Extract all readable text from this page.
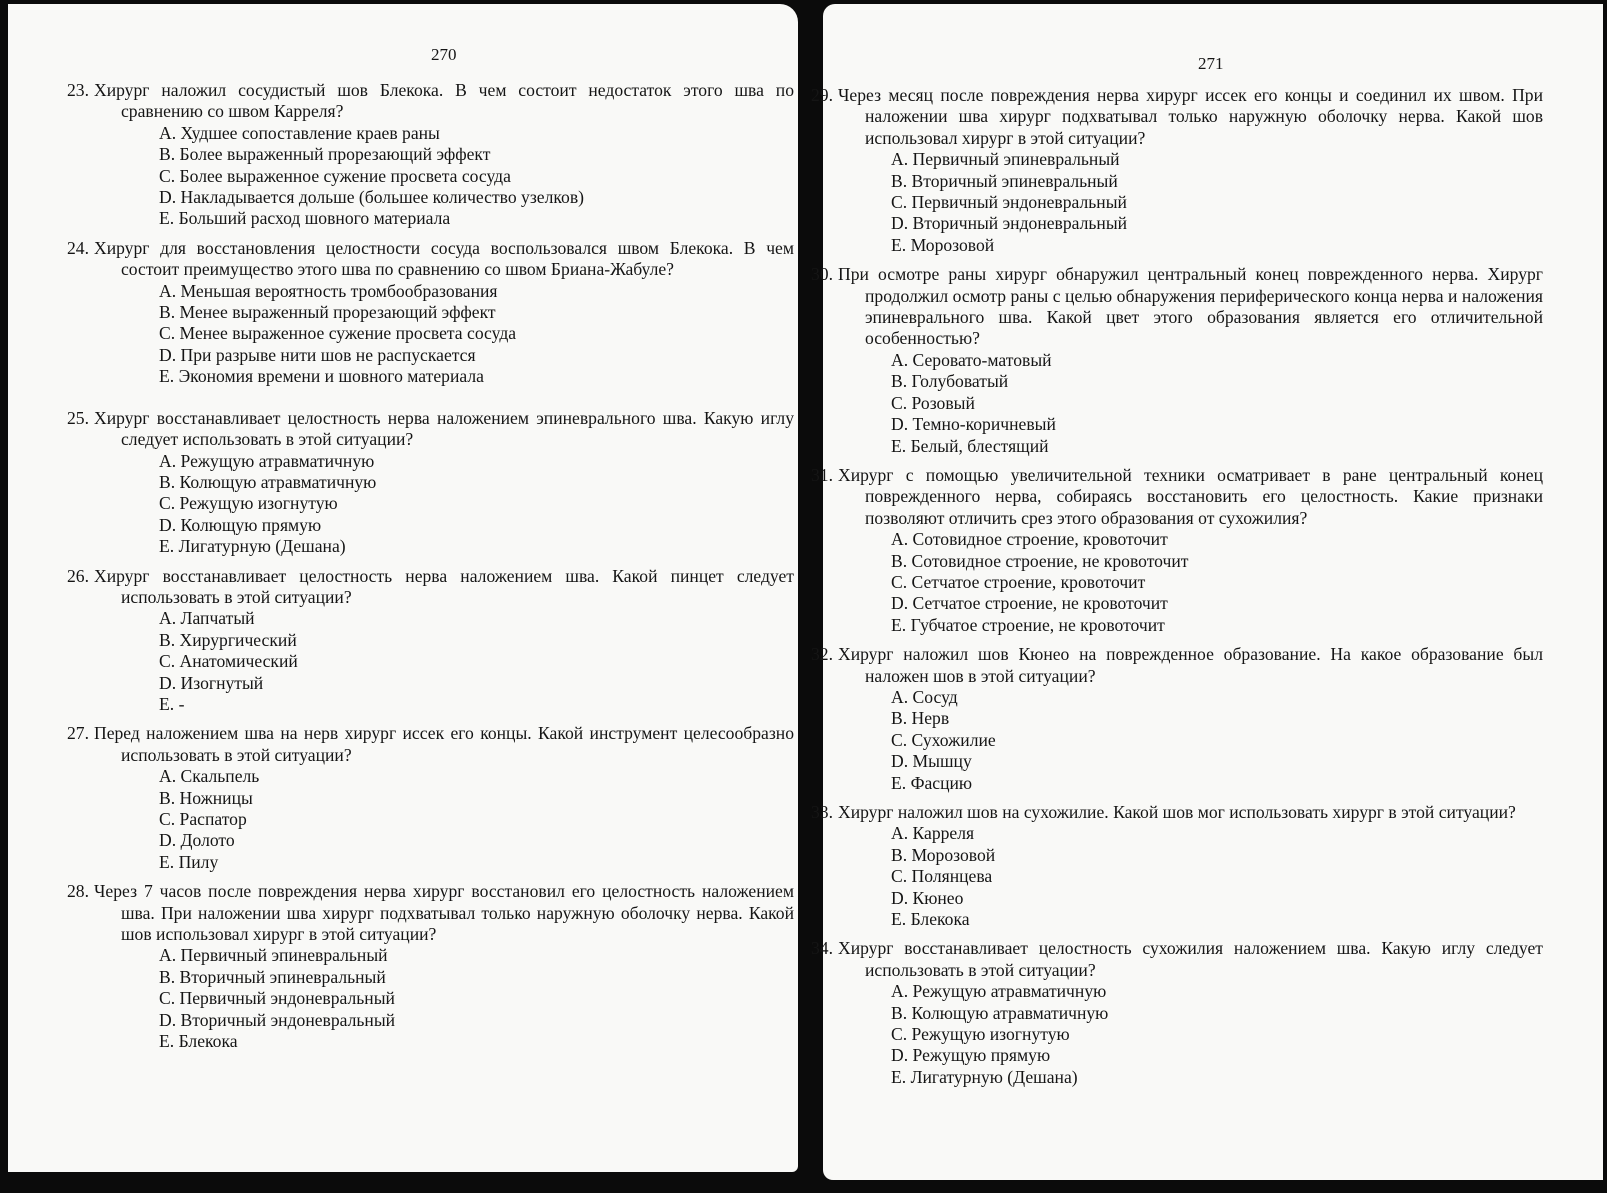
270

23. Хирург наложил сосудистый шов Блекока. В чем состоит недостаток этого шва по сравнению со швом Карреля?

A. Худшее сопоставление краев раны
B. Более выраженный прорезающий эффект
C. Более выраженное сужение просвета сосуда
D. Накладывается дольше (большее количество узелков)
E. Больший расход шовного материала

24. Хирург для восстановления целостности сосуда воспользовался швом Блекока. В чем состоит преимущество этого шва по сравнению со швом Бриана-Жабуле?

A. Меньшая вероятность тромбообразования
B. Менее выраженный прорезающий эффект
C. Менее выраженное сужение просвета сосуда
D. При разрыве нити шов не распускается
E. Экономия времени и шовного материала

25. Хирург восстанавливает целостность нерва наложением эпиневрального шва. Какую иглу следует использовать в этой ситуации?

A. Режущую атравматичную
B. Колющую атравматичную
C. Режущую изогнутую
D. Колющую прямую
E. Лигатурную (Дешана)

26. Хирург восстанавливает целостность нерва наложением шва. Какой пинцет следует использовать в этой ситуации?

A. Лапчатый
B. Хирургический
C. Анатомический
D. Изогнутый
E. -

27. Перед наложением шва на нерв хирург иссек его концы. Какой инструмент целесообразно использовать в этой ситуации?

A. Скальпель
B. Ножницы
C. Распатор
D. Долото
E. Пилу

28. Через 7 часов после повреждения нерва хирург восстановил его целостность наложением шва. При наложении шва хирург подхватывал только наружную оболочку нерва. Какой шов использовал хирург в этой ситуации?

A. Первичный эпиневральный
B. Вторичный эпиневральный
C. Первичный эндоневральный
D. Вторичный эндоневральный
E. Блекока
271

29. Через месяц после повреждения нерва хирург иссек его концы и соединил их швом. При наложении шва хирург подхватывал только наружную оболочку нерва. Какой шов использовал хирург в этой ситуации?

A. Первичный эпиневральный
B. Вторичный эпиневральный
C. Первичный эндоневральный
D. Вторичный эндоневральный
E. Морозовой

30. При осмотре раны хирург обнаружил центральный конец поврежденного нерва. Хирург продолжил осмотр раны с целью обнаружения периферического конца нерва и наложения эпиневрального шва. Какой цвет этого образования является его отличительной особенностью?

A. Серовато-матовый
B. Голубоватый
C. Розовый
D. Темно-коричневый
E. Белый, блестящий

31. Хирург с помощью увеличительной техники осматривает в ране центральный конец поврежденного нерва, собираясь восстановить его целостность. Какие признаки позволяют отличить срез этого образования от сухожилия?

A. Сотовидное строение, кровоточит
B. Сотовидное строение, не кровоточит
C. Сетчатое строение, кровоточит
D. Сетчатое строение, не кровоточит
E. Губчатое строение, не кровоточит

32. Хирург наложил шов Кюнео на поврежденное образование. На какое образование был наложен шов в этой ситуации?

A. Сосуд
B. Нерв
C. Сухожилие
D. Мышцу
E. Фасцию

33. Хирург наложил шов на сухожилие. Какой шов мог использовать хирург в этой ситуации?

A. Карреля
B. Морозовой
C. Полянцева
D. Кюнео
E. Блекока

34. Хирург восстанавливает целостность сухожилия наложением шва. Какую иглу следует использовать в этой ситуации?

A. Режущую атравматичную
B. Колющую атравматичную
C. Режущую изогнутую
D. Режущую прямую
E. Лигатурную (Дешана)
